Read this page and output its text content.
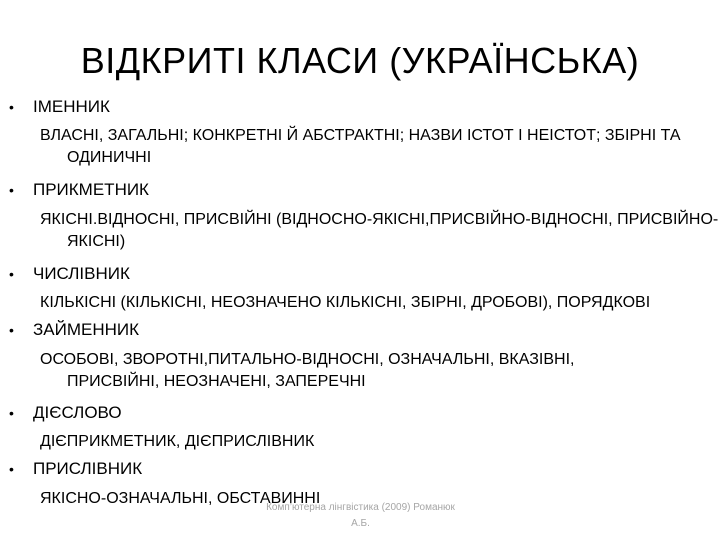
ВІДКРИТІ КЛАСИ (УКРАЇНСЬКА)
• ІМЕННИК
ВЛАСНІ, ЗАГАЛЬНІ; КОНКРЕТНІ Й АБСТРАКТНІ; НАЗВИ ІСТОТ І НЕІСТОТ; ЗБІРНІ ТА ОДИНИЧНІ
• ПРИКМЕТНИК
ЯКІСНІ.ВІДНОСНІ, ПРИСВІЙНІ (ВІДНОСНО-ЯКІСНІ,ПРИСВІЙНО-ВІДНОСНІ, ПРИСВІЙНО-ЯКІСНІ)
• ЧИСЛІВНИК
КІЛЬКІСНІ (КІЛЬКІСНІ, НЕОЗНАЧЕНО КІЛЬКІСНІ, ЗБІРНІ, ДРОБОВІ), ПОРЯДКОВІ
• ЗАЙМЕННИК
ОСОБОВІ, ЗВОРОТНІ,ПИТАЛЬНО-ВІДНОСНІ, ОЗНАЧАЛЬНІ, ВКАЗІВНІ, ПРИСВІЙНІ, НЕОЗНАЧЕНІ, ЗАПЕРЕЧНІ
• ДІЄСЛОВО
ДІЄПРИКМЕТНИК, ДІЄПРИСЛІВНИК
• ПРИСЛІВНИК
ЯКІСНО-ОЗНАЧАЛЬНІ, ОБСТАВИННІ
Комп’ютерна лінгвістика (2009) Романюк А.Б.
